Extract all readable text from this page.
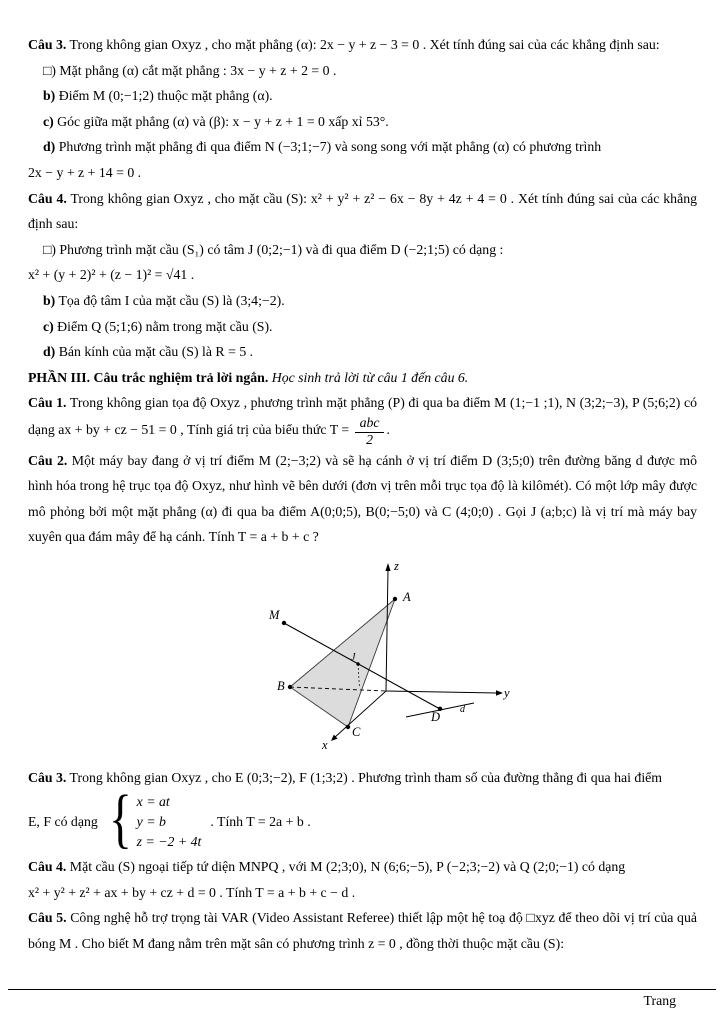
Câu 3. Trong không gian Oxyz , cho mặt phẳng (α): 2x − y + z − 3 = 0 . Xét tính đúng sai của các khẳng định sau:

□) Mặt phẳng (α) cắt mặt phẳng : 3x − y + z + 2 = 0 .

b) Điểm M (0;−1;2) thuộc mặt phẳng (α).

c) Góc giữa mặt phẳng (α) và (β): x − y + z + 1 = 0 xấp xỉ 53°.

d) Phương trình mặt phẳng đi qua điểm N (−3;1;−7) và song song với mặt phẳng (α) có phương trình

2x − y + z + 14 = 0 .

Câu 4. Trong không gian Oxyz , cho mặt cầu (S): x² + y² + z² − 6x − 8y + 4z + 4 = 0 . Xét tính đúng sai của các khẳng định sau:

□) Phương trình mặt cầu (S₁) có tâm J (0;2;−1) và đi qua điểm D (−2;1;5) có dạng :

x² + (y + 2)² + (z − 1)² = √41 .

b) Tọa độ tâm I của mặt cầu (S) là (3;4;−2).

c) Điểm Q (5;1;6) nằm trong mặt cầu (S).

d) Bán kính của mặt cầu (S) là R = 5 .

PHẦN III. Câu trắc nghiệm trả lời ngắn. Học sinh trả lời từ câu 1 đến câu 6.

Câu 1. Trong không gian tọa độ Oxyz , phương trình mặt phẳng (P) đi qua ba điểm M (1;−1 ;1), N (3;2;−3), P (5;6;2) có dạng ax + by + cz − 51 = 0 , Tính giá trị của biểu thức $T = \frac{\text{abc}}{2}$ .

Câu 2. Một máy bay đang ở vị trí điểm M (2;−3;2) và sẽ hạ cánh ở vị trí điểm D (3;5;0) trên đường băng d được mô hình hóa trong hệ trục tọa độ Oxyz, như hình vẽ bên dưới (đơn vị trên mỗi trục tọa độ là kilômét). Có một lớp mây được mô phỏng bởi một mặt phẳng (α) đi qua ba điểm A(0;0;5), B(0;−5;0) và C (4;0;0) . Gọi J (a;b;c) là vị trí mà máy bay xuyên qua đám mây để hạ cánh. Tính T = a + b + c ?

z
A
M
B
J
y
D
d
C
x

Câu 3. Trong không gian Oxyz , cho E (0;3;−2), F (1;3;2) . Phương trình tham số của đường thẳng đi qua hai điểm

E, F có dạng { x = at
y = b
z = −2 + 4t
. Tính T = 2a + b .

Câu 4. Mặt cầu (S) ngoại tiếp tứ diện MNPQ , với M (2;3;0), N (6;6;−5), P (−2;3;−2) và Q (2;0;−1) có dạng

x² + y² + z² + ax + by + cz + d = 0 . Tính T = a + b + c − d .

Câu 5. Công nghệ hỗ trợ trọng tài VAR (Video Assistant Referee) thiết lập một hệ toạ độ □xyz để theo dõi vị trí của quả bóng M . Cho biết M đang nằm trên mặt sân có phương trình z = 0 , đồng thời thuộc mặt cầu (S):

Trang
